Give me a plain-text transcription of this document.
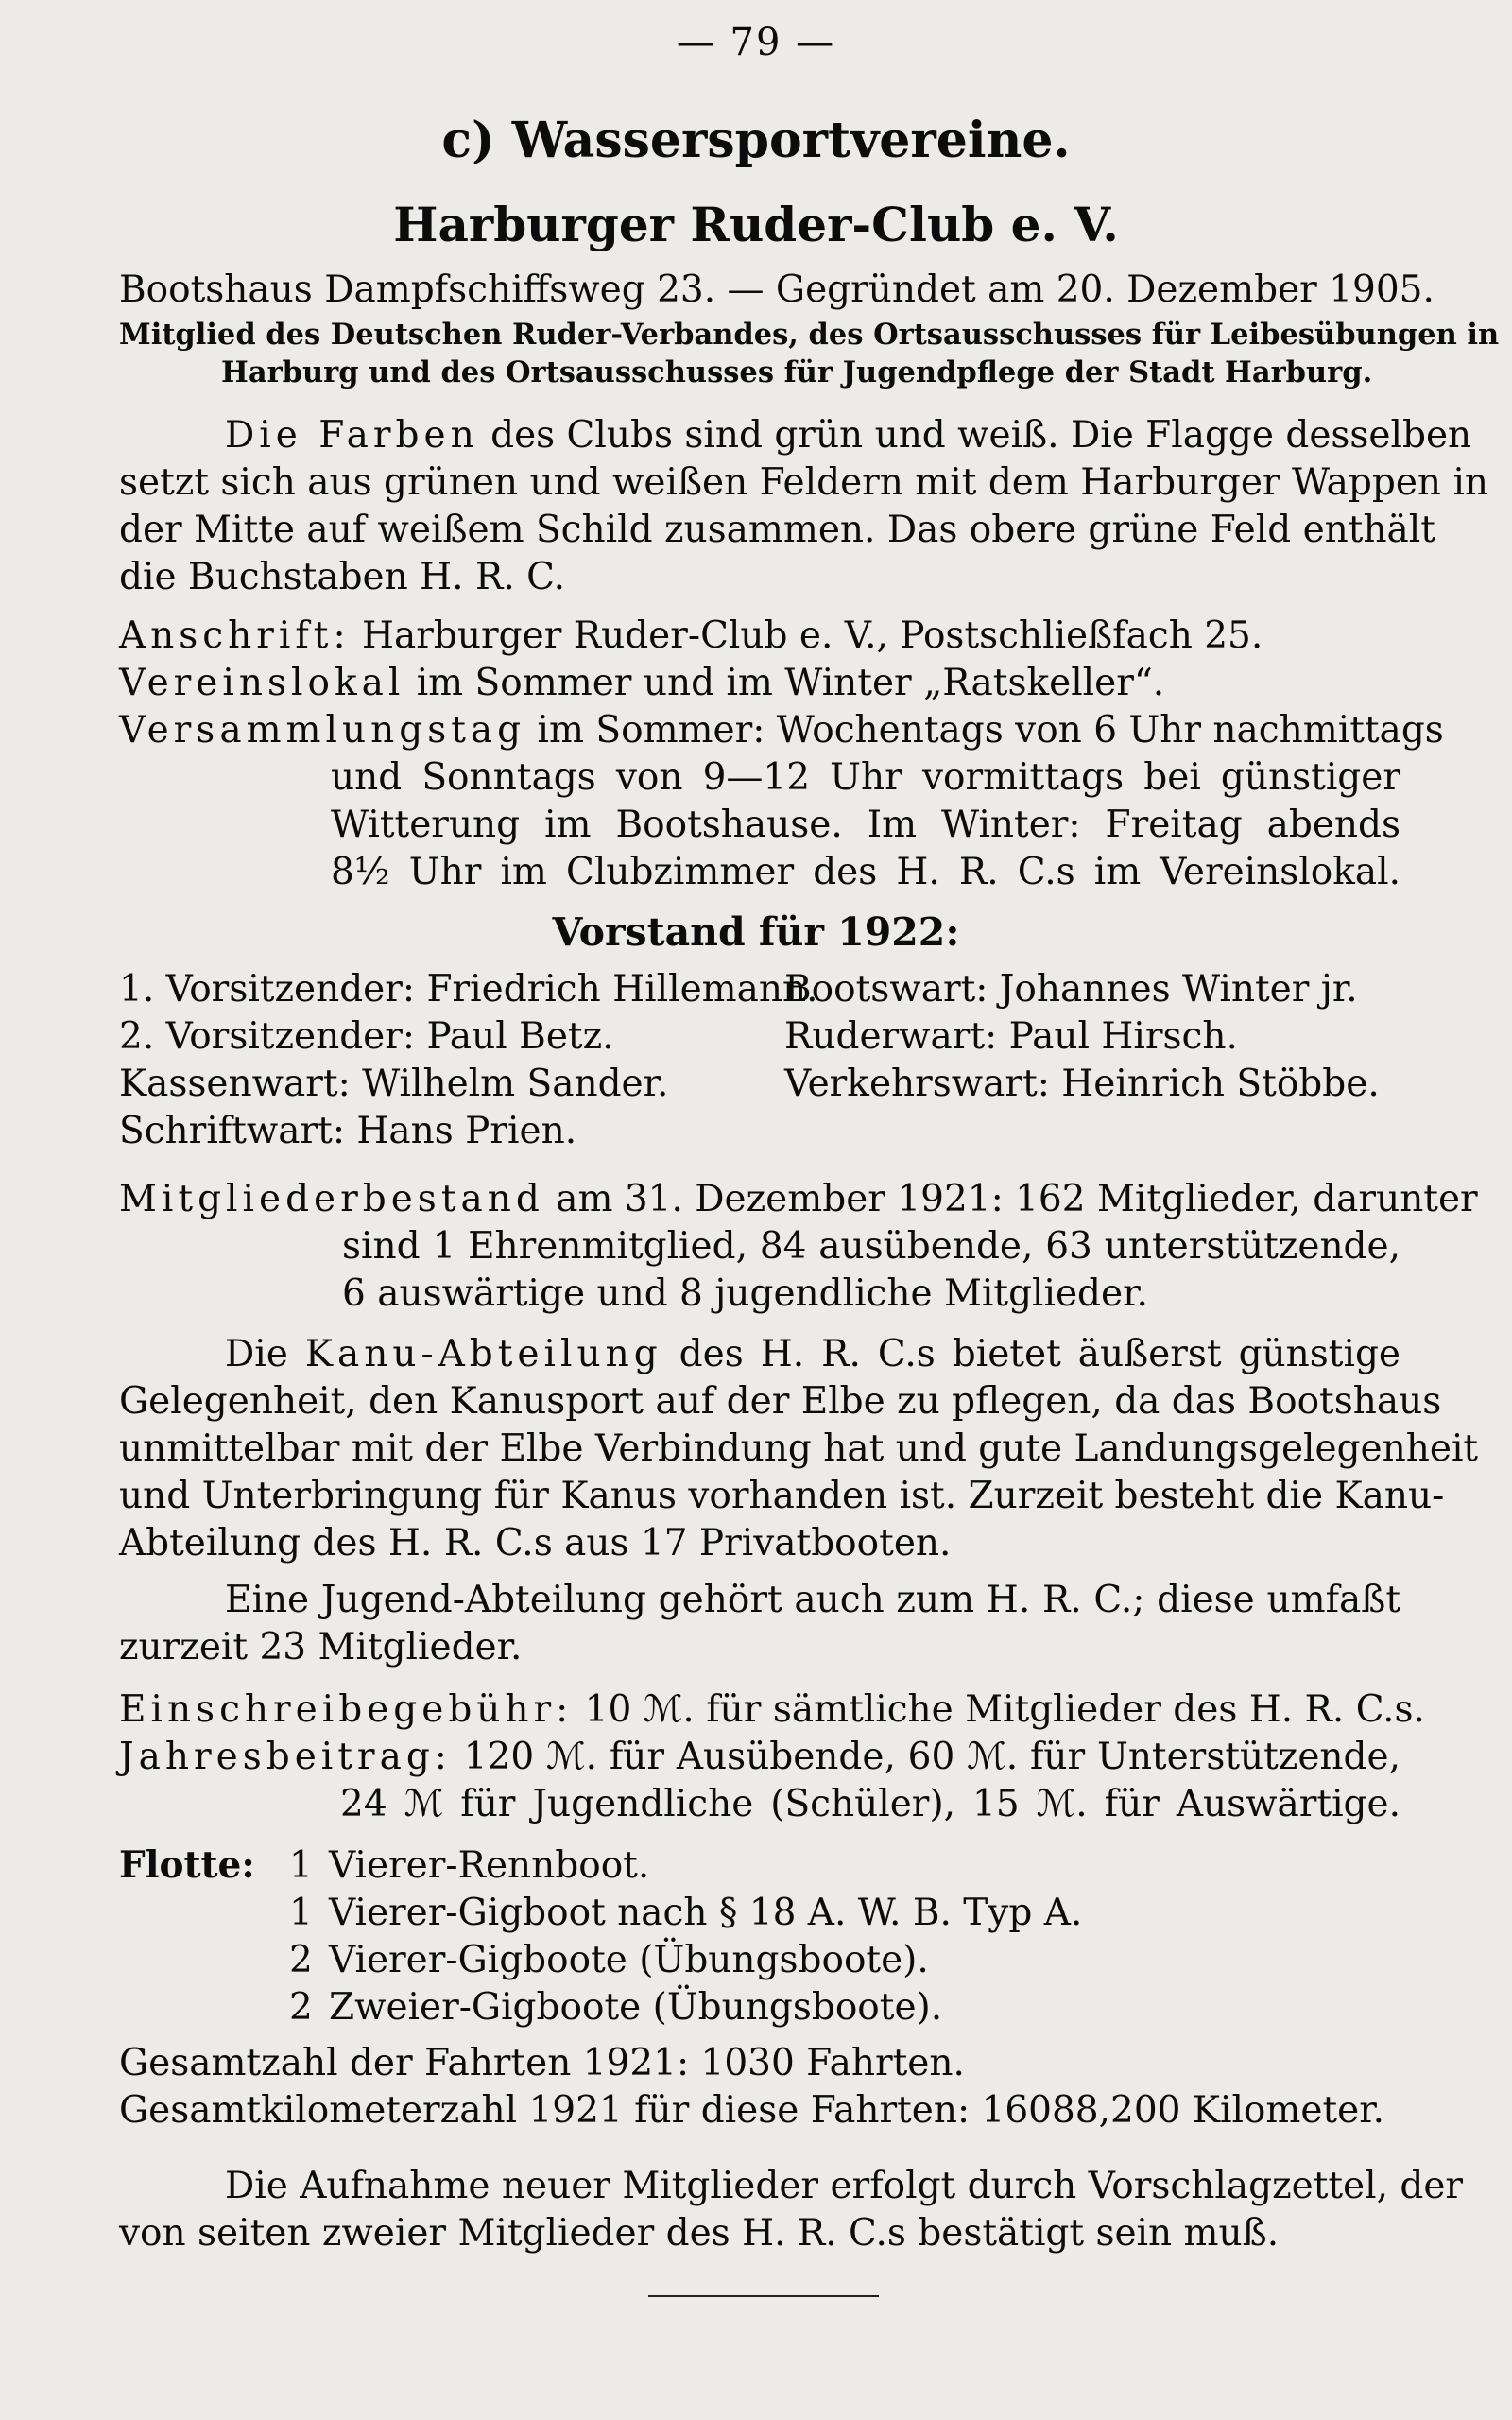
— 79 —
c) Wassersportvereine.
Harburger Ruder-Club e. V.
Bootshaus Dampfschiffsweg 23. — Gegründet am 20. Dezember 1905.
Mitglied des Deutschen Ruder-Verbandes, des Ortsausschusses für Leibesübungen in
Harburg und des Ortsausschusses für Jugendpflege der Stadt Harburg.
Die Farben des Clubs sind grün und weiß. Die Flagge desselben
setzt sich aus grünen und weißen Feldern mit dem Harburger Wappen in
der Mitte auf weißem Schild zusammen. Das obere grüne Feld enthält
die Buchstaben H. R. C.
Anschrift: Harburger Ruder-Club e. V., Postschließfach 25.
Vereinslokal im Sommer und im Winter „Ratskeller“.
Versammlungstag im Sommer: Wochentags von 6 Uhr nachmittags
und Sonntags von 9—12 Uhr vormittags bei günstiger
Witterung im Bootshause. Im Winter: Freitag abends
8½ Uhr im Clubzimmer des H. R. C.s im Vereinslokal.
Vorstand für 1922:
1. Vorsitzender: Friedrich Hillemann.
2. Vorsitzender: Paul Betz.
Kassenwart: Wilhelm Sander.
Schriftwart: Hans Prien.
Bootswart: Johannes Winter jr.
Ruderwart: Paul Hirsch.
Verkehrswart: Heinrich Stöbbe.
Mitgliederbestand am 31. Dezember 1921: 162 Mitglieder, darunter
sind 1 Ehrenmitglied, 84 ausübende, 63 unterstützende,
6 auswärtige und 8 jugendliche Mitglieder.
Die Kanu-Abteilung des H. R. C.s bietet äußerst günstige
Gelegenheit, den Kanusport auf der Elbe zu pflegen, da das Bootshaus
unmittelbar mit der Elbe Verbindung hat und gute Landungsgelegenheit
und Unterbringung für Kanus vorhanden ist. Zurzeit besteht die Kanu-
Abteilung des H. R. C.s aus 17 Privatbooten.
Eine Jugend-Abteilung gehört auch zum H. R. C.; diese umfaßt
zurzeit 23 Mitglieder.
Einschreibegebühr: 10 ℳ. für sämtliche Mitglieder des H. R. C.s.
Jahresbeitrag: 120 ℳ. für Ausübende, 60 ℳ. für Unterstützende,
24 ℳ für Jugendliche (Schüler), 15 ℳ. für Auswärtige.
Flotte: 1 Vierer-Rennboot.
1 Vierer-Gigboot nach § 18 A. W. B. Typ A.
2 Vierer-Gigboote (Übungsboote).
2 Zweier-Gigboote (Übungsboote).
Gesamtzahl der Fahrten 1921: 1030 Fahrten.
Gesamtkilometerzahl 1921 für diese Fahrten: 16088,200 Kilometer.
Die Aufnahme neuer Mitglieder erfolgt durch Vorschlagzettel, der
von seiten zweier Mitglieder des H. R. C.s bestätigt sein muß.
